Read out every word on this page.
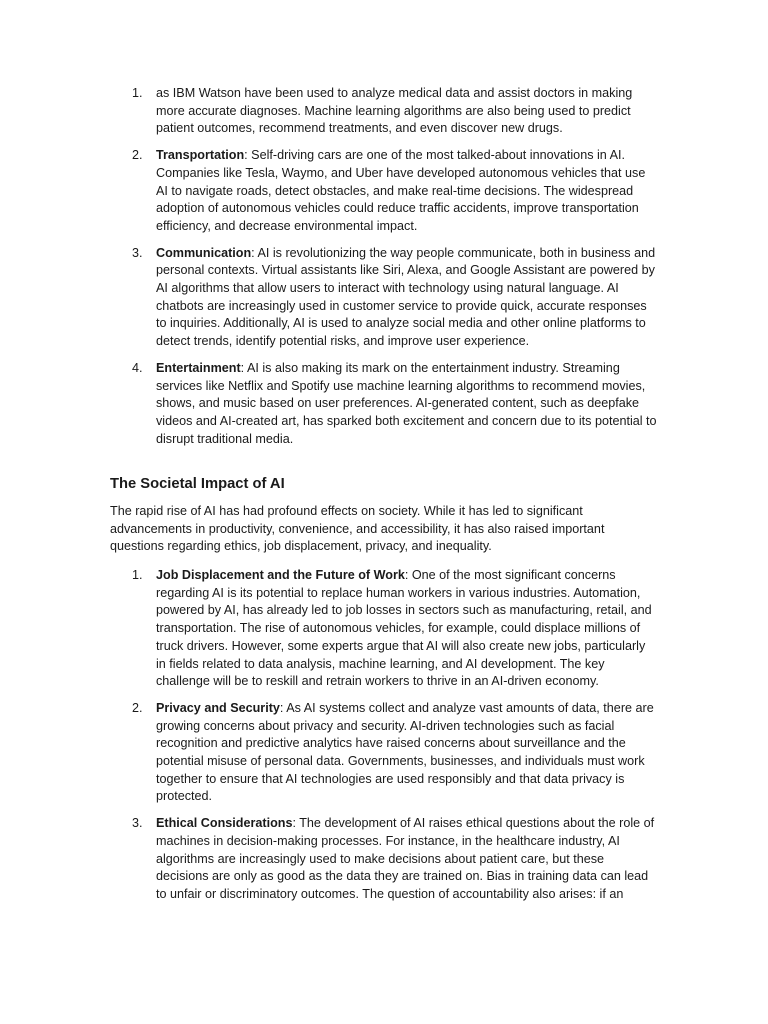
1. as IBM Watson have been used to analyze medical data and assist doctors in making more accurate diagnoses. Machine learning algorithms are also being used to predict patient outcomes, recommend treatments, and even discover new drugs.
2. Transportation: Self-driving cars are one of the most talked-about innovations in AI. Companies like Tesla, Waymo, and Uber have developed autonomous vehicles that use AI to navigate roads, detect obstacles, and make real-time decisions. The widespread adoption of autonomous vehicles could reduce traffic accidents, improve transportation efficiency, and decrease environmental impact.
3. Communication: AI is revolutionizing the way people communicate, both in business and personal contexts. Virtual assistants like Siri, Alexa, and Google Assistant are powered by AI algorithms that allow users to interact with technology using natural language. AI chatbots are increasingly used in customer service to provide quick, accurate responses to inquiries. Additionally, AI is used to analyze social media and other online platforms to detect trends, identify potential risks, and improve user experience.
4. Entertainment: AI is also making its mark on the entertainment industry. Streaming services like Netflix and Spotify use machine learning algorithms to recommend movies, shows, and music based on user preferences. AI-generated content, such as deepfake videos and AI-created art, has sparked both excitement and concern due to its potential to disrupt traditional media.
The Societal Impact of AI

The rapid rise of AI has had profound effects on society. While it has led to significant advancements in productivity, convenience, and accessibility, it has also raised important questions regarding ethics, job displacement, privacy, and inequality.

1. Job Displacement and the Future of Work: One of the most significant concerns regarding AI is its potential to replace human workers in various industries. Automation, powered by AI, has already led to job losses in sectors such as manufacturing, retail, and transportation. The rise of autonomous vehicles, for example, could displace millions of truck drivers. However, some experts argue that AI will also create new jobs, particularly in fields related to data analysis, machine learning, and AI development. The key challenge will be to reskill and retrain workers to thrive in an AI-driven economy.
2. Privacy and Security: As AI systems collect and analyze vast amounts of data, there are growing concerns about privacy and security. AI-driven technologies such as facial recognition and predictive analytics have raised concerns about surveillance and the potential misuse of personal data. Governments, businesses, and individuals must work together to ensure that AI technologies are used responsibly and that data privacy is protected.
3. Ethical Considerations: The development of AI raises ethical questions about the role of machines in decision-making processes. For instance, in the healthcare industry, AI algorithms are increasingly used to make decisions about patient care, but these decisions are only as good as the data they are trained on. Bias in training data can lead to unfair or discriminatory outcomes. The question of accountability also arises: if an
